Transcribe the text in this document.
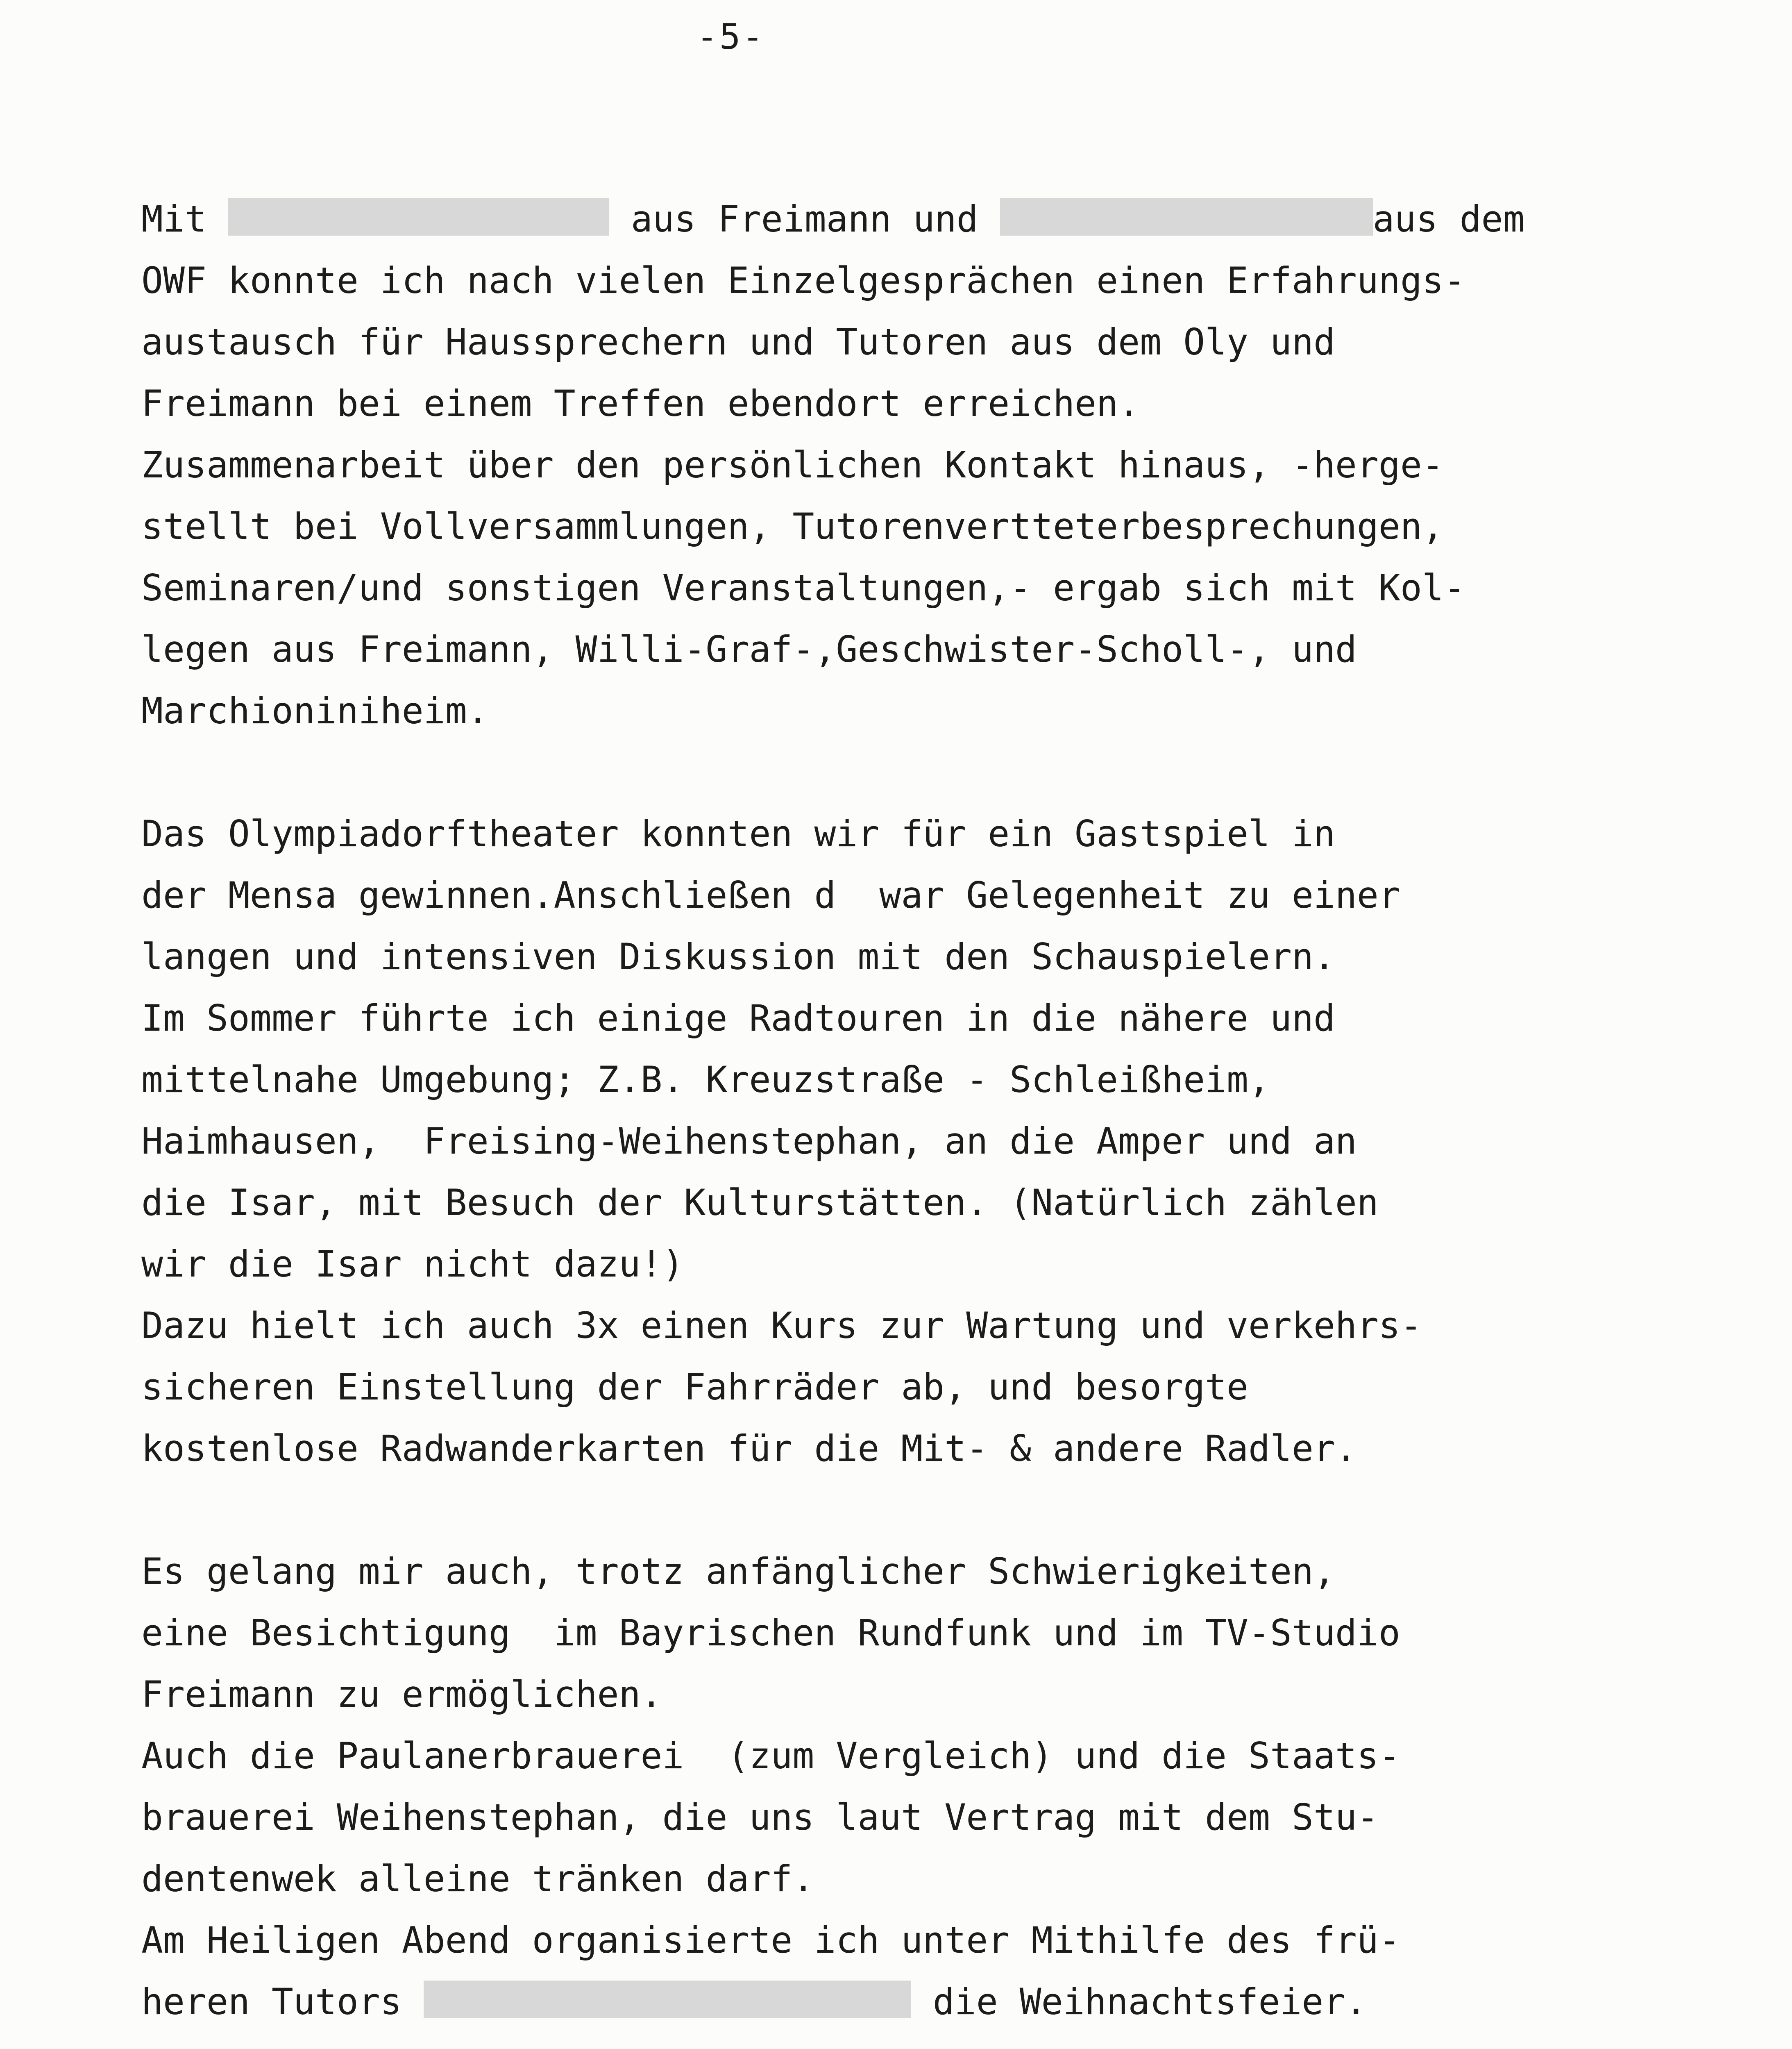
-5-
Mit	aus Freimann und	aus dem
OWF konnte ich nach vielen Einzelgesprächen einen Erfahrungs-
austausch für Haussprechern und Tutoren aus dem Oly und
Freimann bei einem Treffen ebendort erreichen.
Zusammenarbeit über den persönlichen Kontakt hinaus, -herge-
stellt bei Vollversammlungen, Tutorenvertteterbesprechungen,
Seminaren/und sonstigen Veranstaltungen,- ergab sich mit Kol-
legen aus Freimann, Willi-Graf-,Geschwister-Scholl-, und
Marchioniniheim.
Das Olympiadorftheater konnten wir für ein Gastspiel in
der Mensa gewinnen.Anschließen d  war Gelegenheit zu einer
langen und intensiven Diskussion mit den Schauspielern.
Im Sommer führte ich einige Radtouren in die nähere und
mittelnahe Umgebung; Z.B. Kreuzstraße - Schleißheim,
Haimhausen,  Freising-Weihenstephan, an die Amper und an
die Isar, mit Besuch der Kulturstätten. (Natürlich zählen
wir die Isar nicht dazu!)
Dazu hielt ich auch 3x einen Kurs zur Wartung und verkehrs-
sicheren Einstellung der Fahrräder ab, und besorgte
kostenlose Radwanderkarten für die Mit- & andere Radler.
Es gelang mir auch, trotz anfänglicher Schwierigkeiten,
eine Besichtigung  im Bayrischen Rundfunk und im TV-Studio
Freimann zu ermöglichen.
Auch die Paulanerbrauerei  (zum Vergleich) und die Staats-
brauerei Weihenstephan, die uns laut Vertrag mit dem Stu-
dentenwek alleine tränken darf.
Am Heiligen Abend organisierte ich unter Mithilfe des frü-
heren Tutors	die Weihnachtsfeier.
